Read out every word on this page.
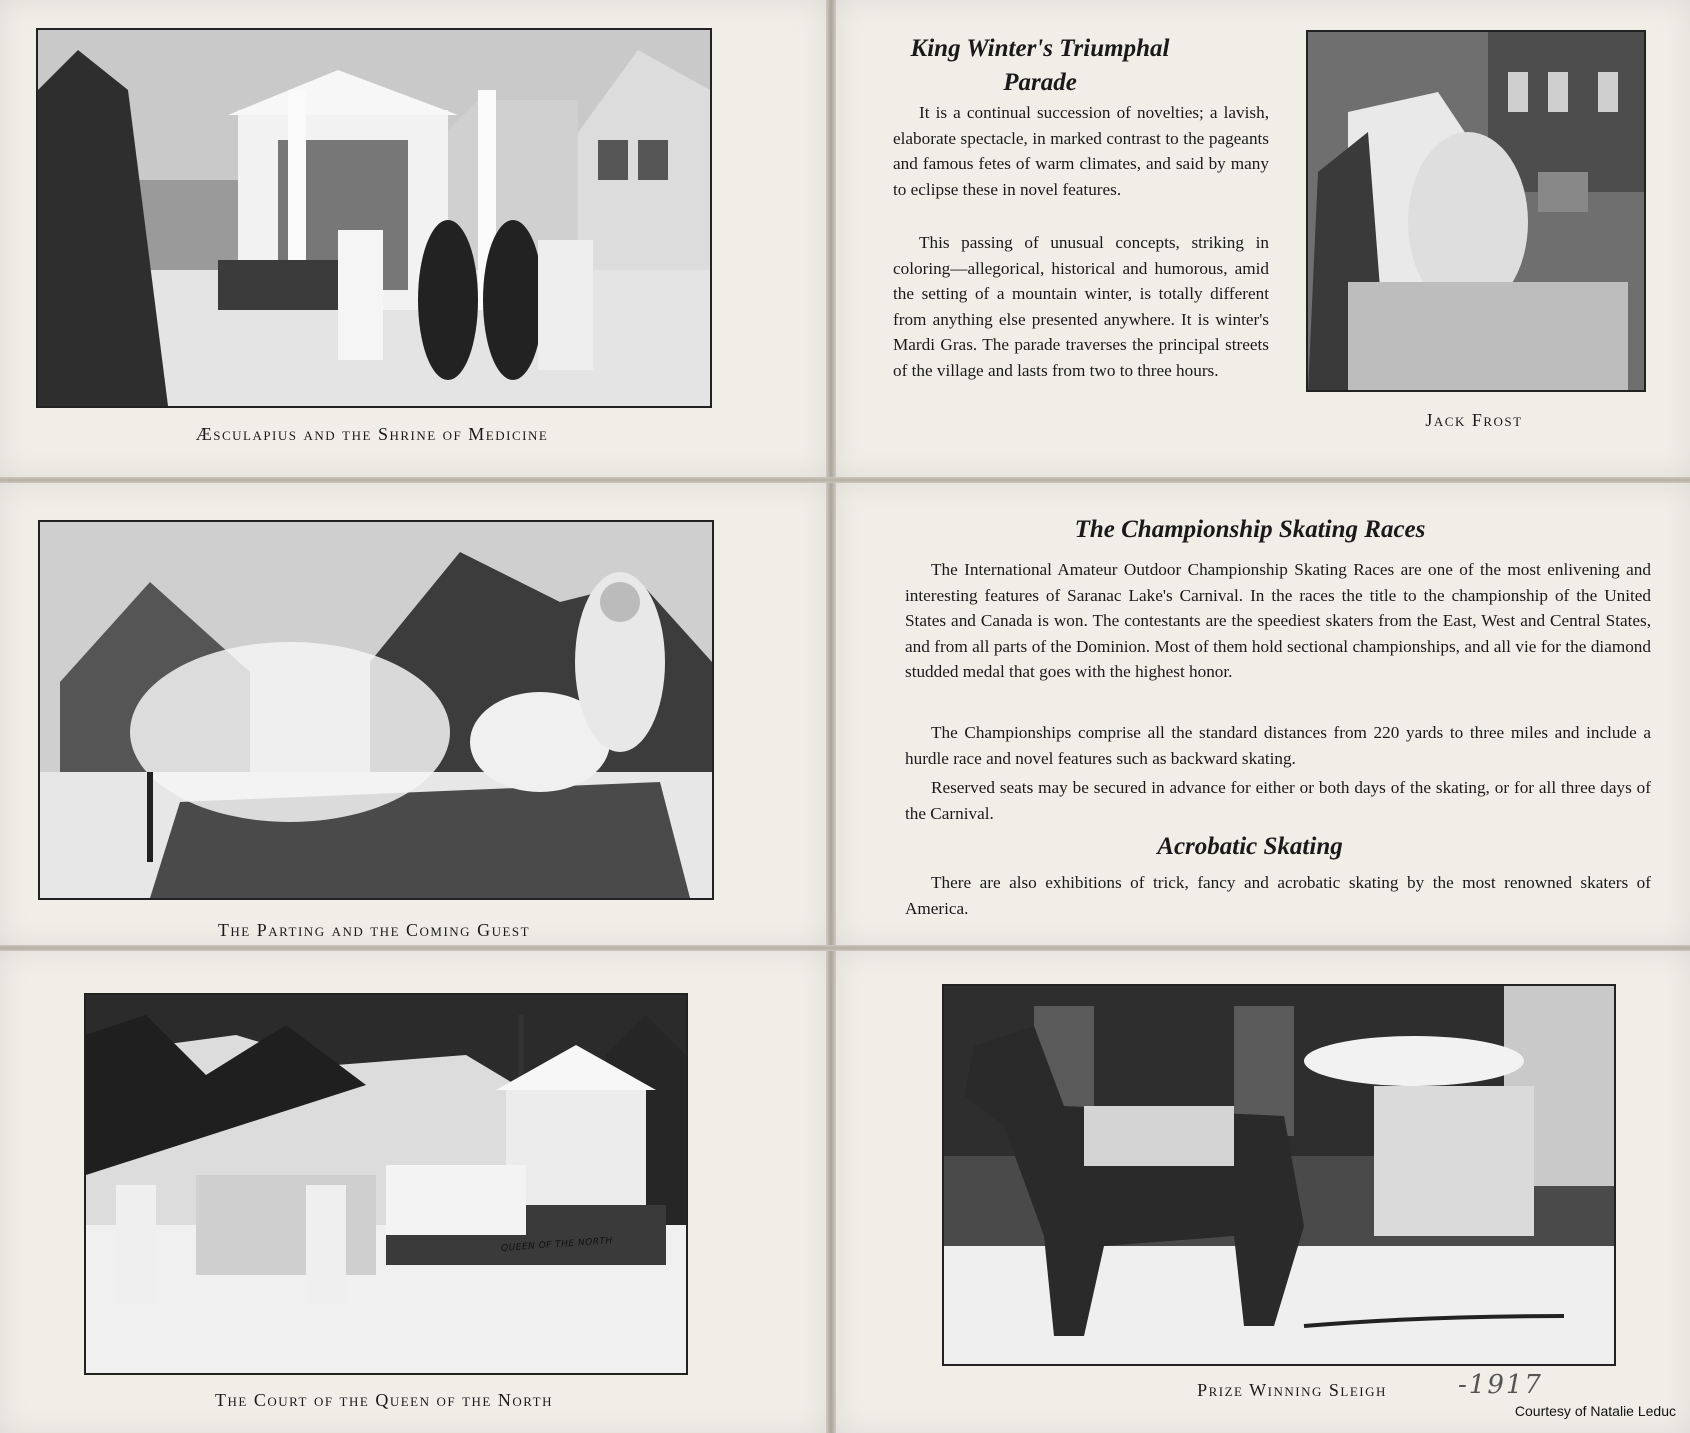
Æsculapius and the Shrine of Medicine
King Winter's Triumphal
Parade

It is a continual succession of novelties; a lavish, elaborate spectacle, in marked contrast to the pageants and famous fetes of warm climates, and said by many to eclipse these in novel features.

This passing of unusual concepts, striking in coloring—allegorical, historical and humorous, amid the setting of a mountain winter, is totally different from anything else presented anywhere. It is winter's Mardi Gras. The parade traverses the principal streets of the village and lasts from two to three hours.

Jack Frost
The Parting and the Coming Guest
The Championship Skating Races

The International Amateur Outdoor Championship Skating Races are one of the most enlivening and interesting features of Saranac Lake's Carnival. In the races the title to the championship of the United States and Canada is won. The contestants are the speediest skaters from the East, West and Central States, and from all parts of the Dominion. Most of them hold sectional championships, and all vie for the diamond studded medal that goes with the highest honor.

The Championships comprise all the standard distances from 220 yards to three miles and include a hurdle race and novel features such as backward skating.

Reserved seats may be secured in advance for either or both days of the skating, or for all three days of the Carnival.

Acrobatic Skating

There are also exhibitions of trick, fancy and acrobatic skating by the most renowned skaters of America.

QUEEN OF THE NORTH
The Court of the Queen of the North	Prize Winning Sleigh	-1917
Courtesy of Natalie Leduc
